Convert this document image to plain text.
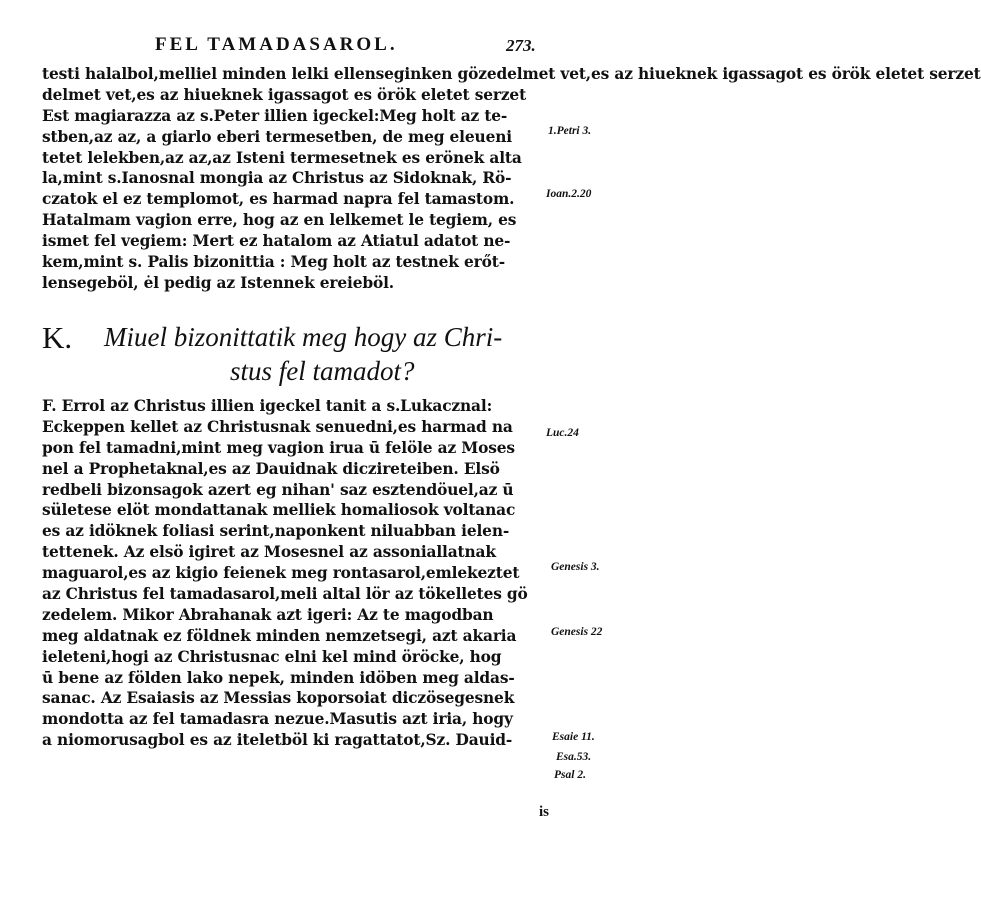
FEL TAMADASAROL.	273.
testi halalbol,melliel minden lelki ellenseginken gözedelmet vet,es az hiueknek igassagot es örök eletet serzet
delmet vet,es az hiueknek igassagot es örök eletet serzet
Est magiarazza az s.Peter illien igeckel:Meg holt az te-
stben,az az, a giarlo eberi termesetben, de meg eleueni
tetet lelekben,az az,az Isteni termesetnek es erönek alta
la,mint s.Ianosnal mongia az Christus az Sidoknak, Rö-
czatok el ez templomot, es harmad napra fel tamastom.
Hatalmam vagion erre, hog az en lelkemet le tegiem, es
ismet fel vegiem: Mert ez hatalom az Atiatul adatot ne-
kem,mint s. Palis bizonittia : Meg holt az testnek erőt-
lensegeböl, ėl pedig az Istennek ereieböl.
K. Miuel bizonittatik meg hogy az Chri-
stus fel tamadot?
F. Errol az Christus illien igeckel tanit a s.Lukacznal:
Eckeppen kellet az Christusnak senuedni,es harmad na
pon fel tamadni,mint meg vagion irua ū felöle az Moses
nel a Prophetaknal,es az Dauidnak diczireteiben. Elsö
redbeli bizonsagok azert eg nihan' saz esztendöuel,az ū
sületese elöt mondattanak melliek homaliosok voltanac
es az idöknek foliasi serint,naponkent niluabban ielen-
tettenek. Az elsö igiret az Mosesnel az assoniallatnak
maguarol,es az kigio feienek meg rontasarol,emlekeztet
az Christus fel tamadasarol,meli altal lör az tökelletes gö
zedelem. Mikor Abrahanak azt igeri: Az te magodban
meg aldatnak ez földnek minden nemzetsegi, azt akaria
ieleteni,hogi az Christusnac elni kel mind öröcke, hog
ū bene az földen lako nepek, minden idöben meg aldas-
sanac. Az Esaiasis az Messias koporsoiat diczösegesnek
mondotta az fel tamadasra nezue.Masutis azt iria, hogy
a niomorusagbol es az iteletböl ki ragattatot,Sz. Dauid-
1.Petri 3.
Ioan.2.20
Luc.24
Genesis 3.
Genesis 22
Esaie 11.
Esa.53.
Psal 2.
is
